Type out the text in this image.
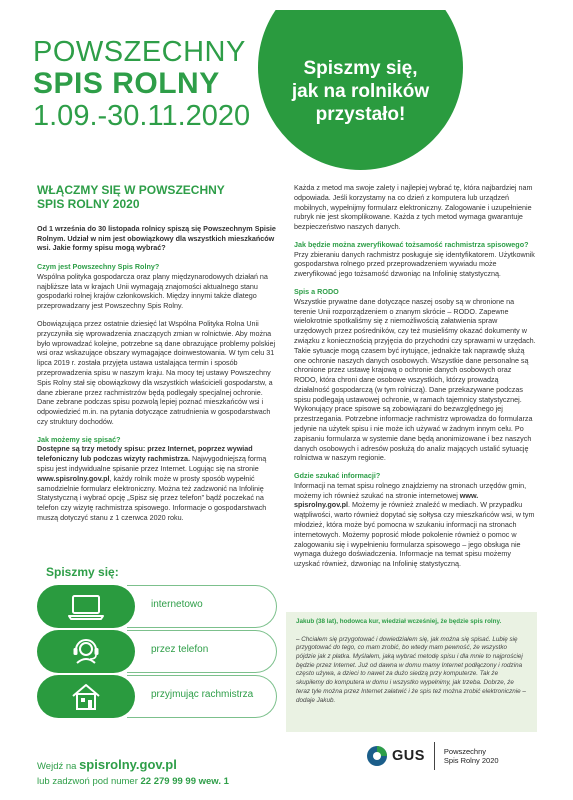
POWSZECHNY
SPIS ROLNY
1.09.-30.11.2020
Spiszmy się,
jak na rolników
przystało!
WŁĄCZMY SIĘ W POWSZECHNY
SPIS ROLNY 2020
Od 1 września do 30 listopada rolnicy spiszą się Powszechnym Spisie Rolnym. Udział w nim jest obowiązkowy dla wszystkich mieszkańców wsi. Jakie formy spisu mogą wybrać?
Czym jest Powszechny Spis Rolny?
Wspólna polityka gospodarcza oraz plany międzynarodowych działań na najbliższe lata w krajach Unii wymagają znajomości aktualnego stanu gospodarki rolnej krajów członkowskich. Między innymi także dlatego przeprowadzany jest Powszechny Spis Rolny.
Obowiązująca przez ostatnie dziesięć lat Wspólna Polityka Rolna Unii przyczyniła się wprowadzenia znaczących zmian w rolnictwie. Aby można było wprowadzać kolejne, potrzebne są dane obrazujące problemy polskiej wsi oraz wskazujące obszary wymagające doinwestowania. W tym celu 31 lipca 2019 r. została przyjęta ustawa ustalająca termin i sposób przeprowadzenia spisu w naszym kraju. Na mocy tej ustawy Powszechny Spis Rolny stał się obowiązkowy dla wszystkich właścicieli gospodarstw, a dane zbierane przez rachmistrzów będą podlegały specjalnej ochronie. Dane zebrane podczas spisu pozwolą lepiej poznać mieszkańców wsi i odpowiedzieć m.in. na pytania dotyczące zatrudnienia w gospodarstwach czy struktury dochodów.
Jak możemy się spisać?
Dostępne są trzy metody spisu: przez Internet, poprzez wywiad telefoniczny lub podczas wizyty rachmistrza. Najwygodniejszą formą spisu jest indywidualne spisanie przez Internet. Logując się na stronie www.spisrolny.gov.pl, każdy rolnik może w prosty sposób wypełnić samodzielnie formularz elektroniczny. Można też zadzwonić na Infolinię Statystyczną i wybrać opcję „Spisz się przez telefon” bądź poczekać na telefon czy wizytę rachmistrza spisowego. Informacje o gospodarstwach muszą dotyczyć stanu z 1 czerwca 2020 roku.
Spiszmy się:
internetowo
przez telefon
przyjmując rachmistrza
Każda z metod ma swoje zalety i najlepiej wybrać tę, która najbardziej nam odpowiada. Jeśli korzystamy na co dzień z komputera lub urządzeń mobilnych, wypełnijmy formularz elektroniczny. Zalogowanie i uzupełnienie rubryk nie jest skomplikowane. Każda z tych metod wymaga gwarantuje bezpieczeństwo naszych danych.
Jak będzie można zweryfikować tożsamość rachmistrza spisowego?
Przy zbieraniu danych rachmistrz posługuje się identyfikatorem. Użytkownik gospodarstwa rolnego przed przeprowadzeniem wywiadu może zweryfikować jego tożsamość dzwoniąc na Infolinię statystyczną.
Spis a RODO
Wszystkie prywatne dane dotyczące naszej osoby są w chronione na terenie Unii rozporządzeniem o znanym skrócie – RODO. Zapewne wielokrotnie spotkaliśmy się z niemożliwością załatwienia spraw urzędowych przez pośredników, czy też musieliśmy okazać dokumenty w związku z koniecznością przyjęcia do przychodni czy sprawami w urzędach. Takie sytuacje mogą czasem być irytujące, jednakże tak naprawdę służą one ochronie naszych danych osobowych. Wszystkie dane personalne są chronione przez ustawę krajową o ochronie danych osobowych oraz RODO, która chroni dane osobowe wszystkich, którzy prowadzą działalność gospodarczą (w tym rolniczą). Dane przekazywane podczas spisu podlegają ustawowej ochronie, w ramach tajemnicy statystycznej. Wykonujący prace spisowe są zobowiązani do bezwzględnego jej przestrzegania. Potrzebne informacje rachmistrz wprowadza do formularza jedynie na użytek spisu i nie może ich używać w żadnym innym celu. Po zapisaniu formularza w systemie dane będą anonimizowane i bez naszych danych osobowych i adresów posłużą do analiz mających ustalić sytuację rolnictwa w naszym regionie.
Gdzie szukać informacji?
Informacji na temat spisu rolnego znajdziemy na stronach urzędów gmin, możemy ich również szukać na stronie internetowej www. spisrolny.gov.pl. Możemy je również znaleźć w mediach. W przypadku wątpliwości, warto również dopytać się sołtysa czy mieszkańców wsi, w tym młodzież, która może być pomocna w szukaniu informacji na stronach internetowych. Możemy poprosić młode pokolenie również o pomoc w zalogowaniu się i wypełnieniu formularza spisowego – jego obsługa nie wymaga dużego doświadczenia. Informacje na temat spisu możemy uzyskać również, dzwoniąc na Infolinię statystyczną.
Jakub (38 lat), hodowca kur, wiedział wcześniej, że będzie spis rolny.
– Chciałem się przygotować i dowiedziałem się, jak można się spisać. Lubię się przygotować do tego, co mam zrobić, bo wtedy mam pewność, że wszystko pójdzie jak z płatka. Myślałem, jaką wybrać metodę spisu i dla mnie to najprościej będzie przez Internet. Już od dawna w domu mamy Internet podłączony i rodzina często używa, a dzieci to nawet za dużo siedzą przy komputerze. Tak że skupiłemy do komputera w domu i wszystko wypełnimy, jak trzeba. Dobrze, że teraz tyle można przez Internet załatwić i że spis też można zrobić elektronicznie – dodaje Jakub.
Wejdź na spisrolny.gov.pl
lub zadzwoń pod numer 22 279 99 99 wew. 1
GUS	Powszechny
Spis Rolny 2020
